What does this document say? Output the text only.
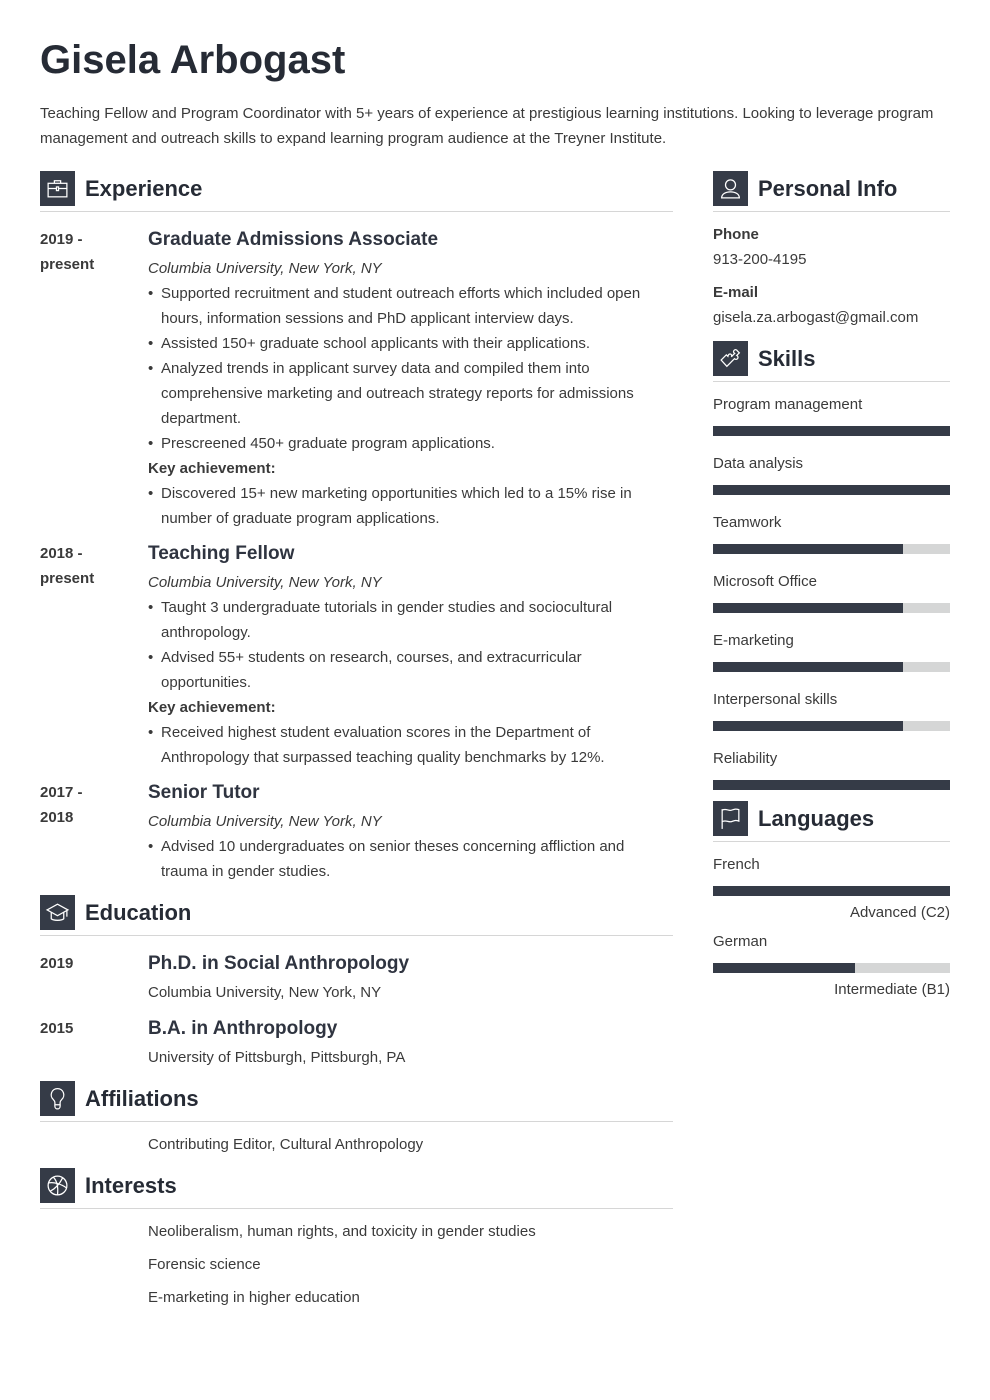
Gisela Arbogast
Teaching Fellow and Program Coordinator with 5+ years of experience at prestigious learning institutions. Looking to leverage program management and outreach skills to expand learning program audience at the Treyner Institute.
Experience
2019 -
present
Graduate Admissions Associate
Columbia University, New York, NY
• Supported recruitment and student outreach efforts which included open hours, information sessions and PhD applicant interview days.
• Assisted 150+ graduate school applicants with their applications.
• Analyzed trends in applicant survey data and compiled them into comprehensive marketing and outreach strategy reports for admissions department.
• Prescreened 450+ graduate program applications.
Key achievement:
• Discovered 15+ new marketing opportunities which led to a 15% rise in number of graduate program applications.
2018 -
present
Teaching Fellow
Columbia University, New York, NY
• Taught 3 undergraduate tutorials in gender studies and sociocultural anthropology.
• Advised 55+ students on research, courses, and extracurricular opportunities.
Key achievement:
• Received highest student evaluation scores in the Department of Anthropology that surpassed teaching quality benchmarks by 12%.
2017 -
2018
Senior Tutor
Columbia University, New York, NY
• Advised 10 undergraduates on senior theses concerning affliction and trauma in gender studies.
Education
2019	Ph.D. in Social Anthropology
Columbia University, New York, NY
2015	B.A. in Anthropology
University of Pittsburgh, Pittsburgh, PA
Affiliations
Contributing Editor, Cultural Anthropology
Interests
Neoliberalism, human rights, and toxicity in gender studies
Forensic science
E-marketing in higher education
Personal Info
Phone
913-200-4195
E-mail
gisela.za.arbogast@gmail.com
Skills
Program management
Data analysis
Teamwork
Microsoft Office
E-marketing
Interpersonal skills
Reliability
Languages
French
Advanced (C2)
German
Intermediate (B1)
